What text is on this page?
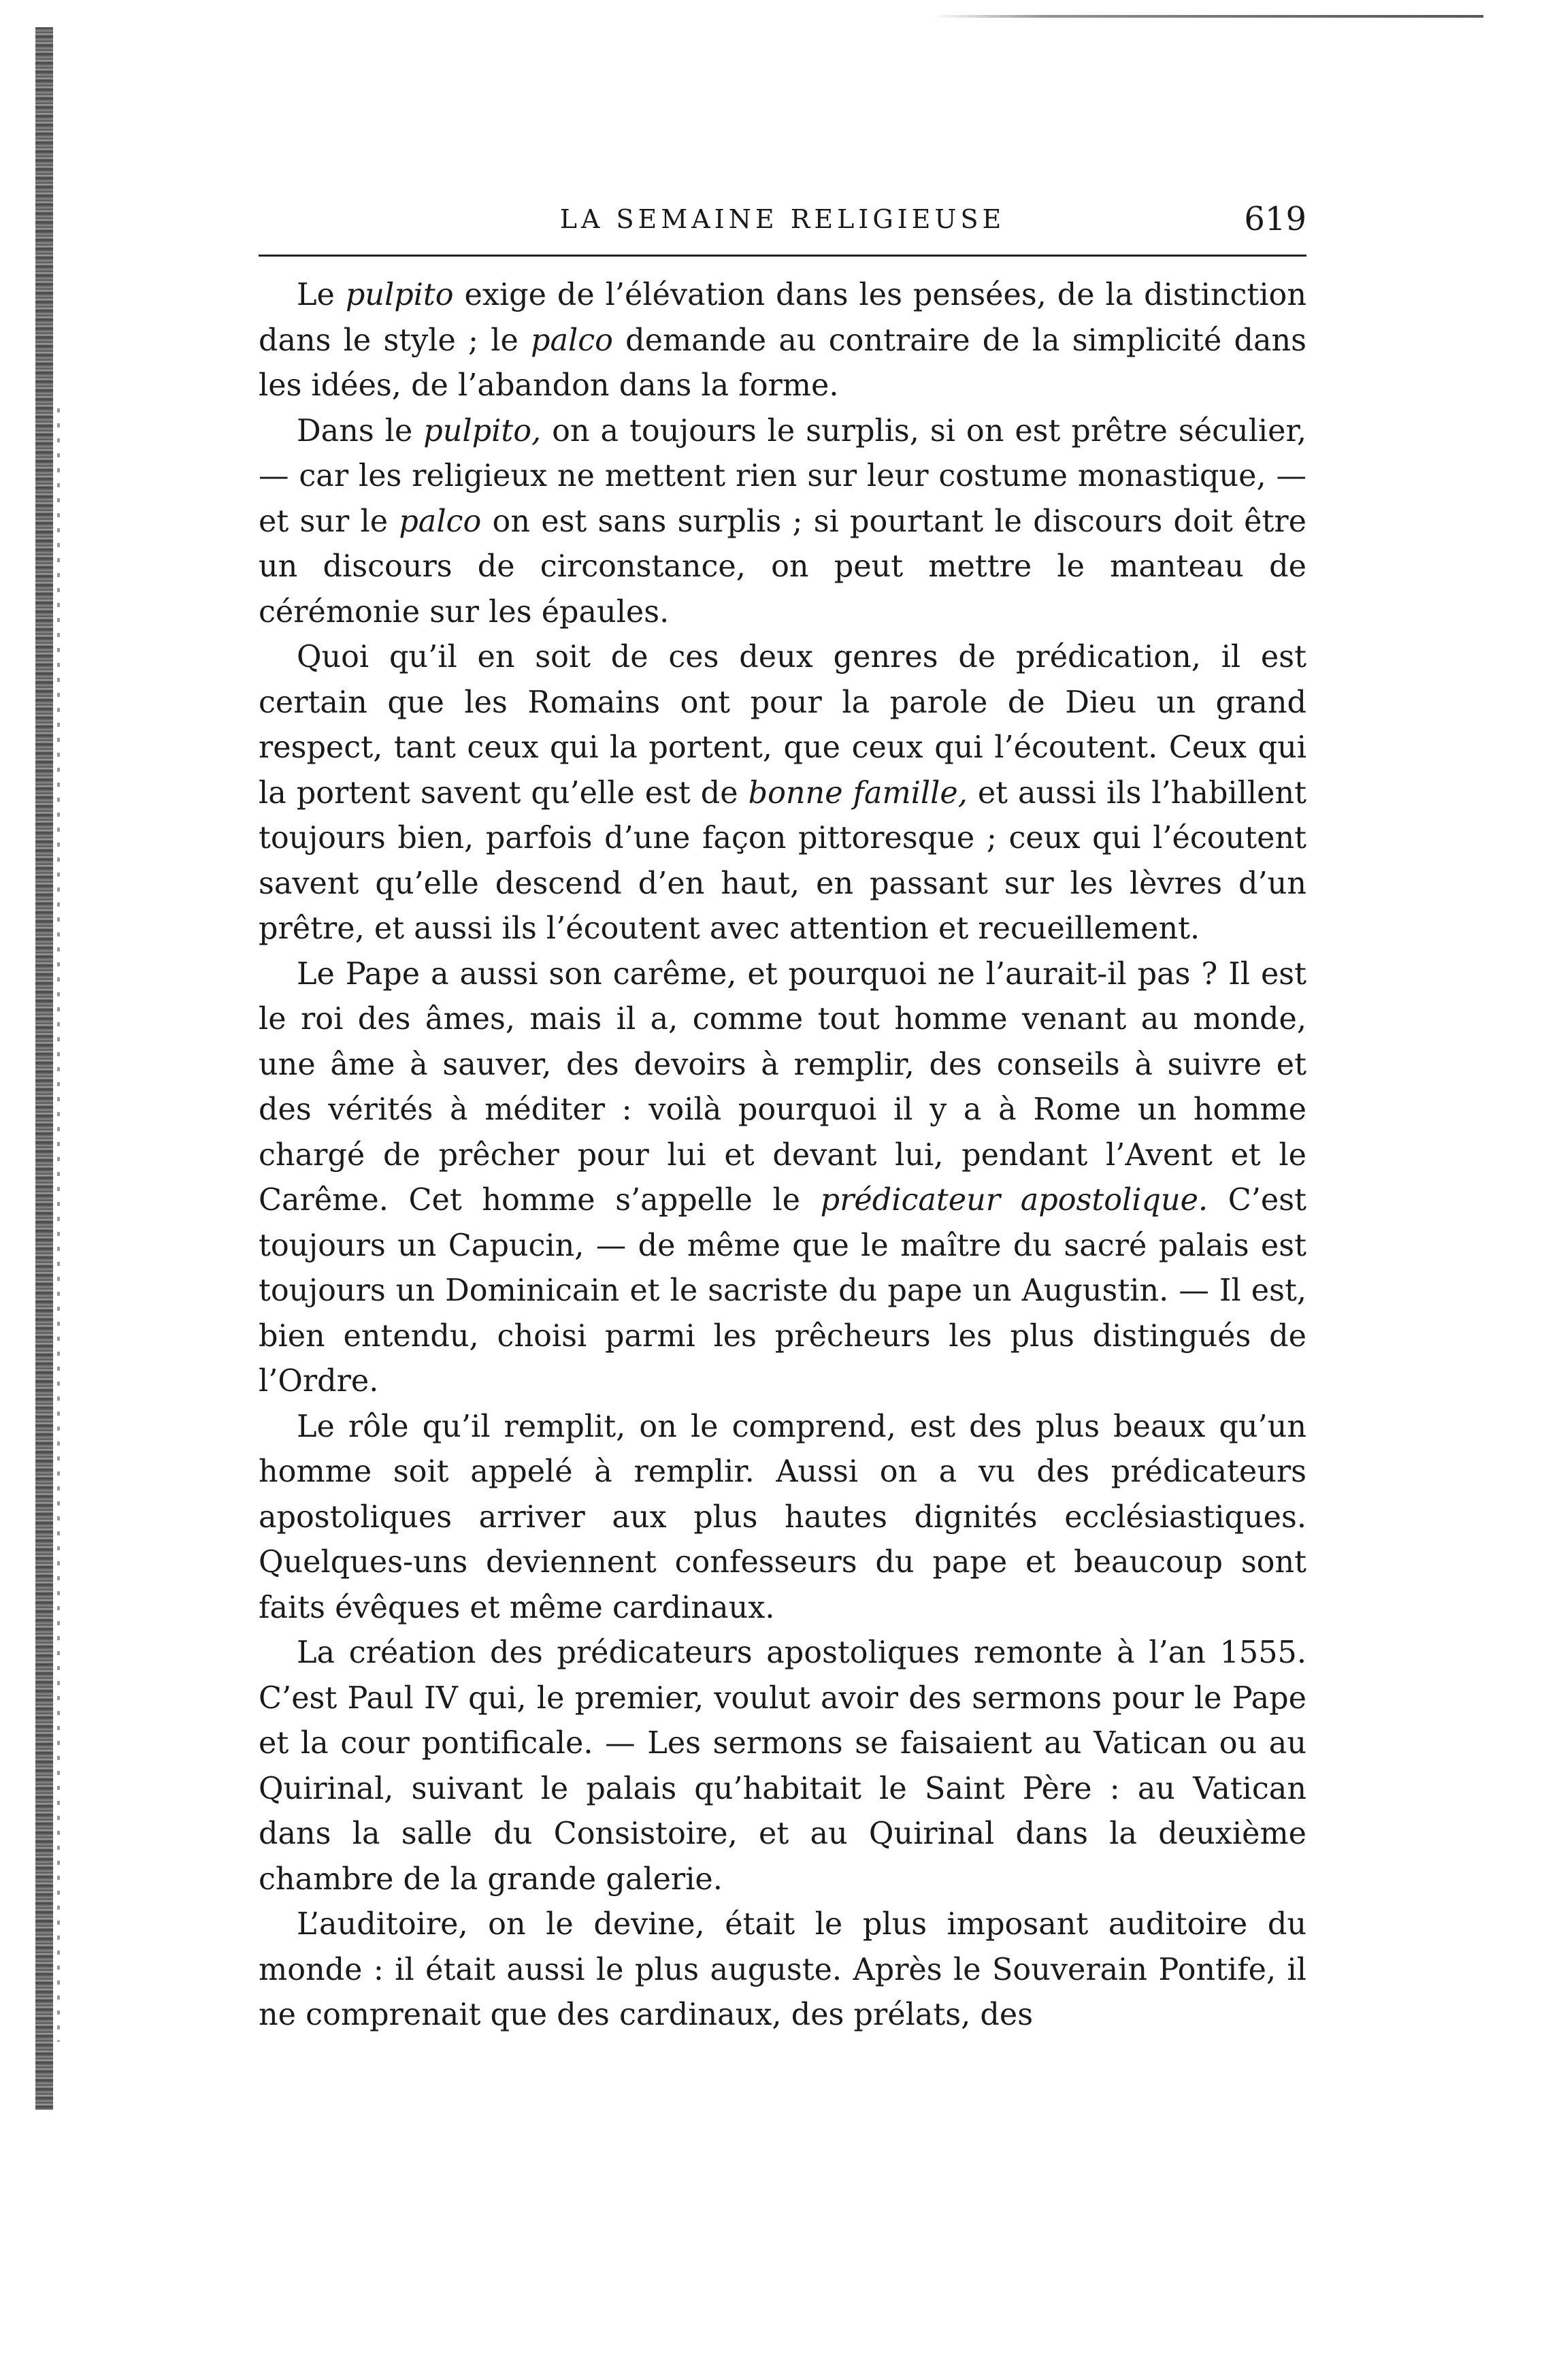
LA SEMAINE RELIGIEUSE	619

Le pulpito exige de l’élévation dans les pensées, de la distinction dans le style ; le palco demande au contraire de la simplicité dans les idées, de l’abandon dans la forme.

Dans le pulpito, on a toujours le surplis, si on est prêtre séculier, — car les religieux ne mettent rien sur leur costume monastique, — et sur le palco on est sans surplis ; si pourtant le discours doit être un discours de circonstance, on peut mettre le manteau de cérémonie sur les épaules.

Quoi qu’il en soit de ces deux genres de prédication, il est certain que les Romains ont pour la parole de Dieu un grand respect, tant ceux qui la portent, que ceux qui l’écoutent. Ceux qui la portent savent qu’elle est de bonne famille, et aussi ils l’habillent toujours bien, parfois d’une façon pittoresque ; ceux qui l’écoutent savent qu’elle descend d’en haut, en passant sur les lèvres d’un prêtre, et aussi ils l’écoutent avec attention et recueillement.

Le Pape a aussi son carême, et pourquoi ne l’aurait-il pas ? Il est le roi des âmes, mais il a, comme tout homme venant au monde, une âme à sauver, des devoirs à remplir, des conseils à suivre et des vérités à méditer : voilà pourquoi il y a à Rome un homme chargé de prêcher pour lui et devant lui, pendant l’Avent et le Carême. Cet homme s’appelle le prédicateur apostolique. C’est toujours un Capucin, — de même que le maître du sacré palais est toujours un Dominicain et le sacriste du pape un Augustin. — Il est, bien entendu, choisi parmi les prêcheurs les plus distingués de l’Ordre.

Le rôle qu’il remplit, on le comprend, est des plus beaux qu’un homme soit appelé à remplir. Aussi on a vu des prédicateurs apostoliques arriver aux plus hautes dignités ecclésiastiques. Quelques-uns deviennent confesseurs du pape et beaucoup sont faits évêques et même cardinaux.

La création des prédicateurs apostoliques remonte à l’an 1555. C’est Paul IV qui, le premier, voulut avoir des sermons pour le Pape et la cour pontificale. — Les sermons se faisaient au Vatican ou au Quirinal, suivant le palais qu’habitait le Saint Père : au Vatican dans la salle du Consistoire, et au Quirinal dans la deuxième chambre de la grande galerie.

L’auditoire, on le devine, était le plus imposant auditoire du monde : il était aussi le plus auguste. Après le Souverain Pontife, il ne comprenait que des cardinaux, des prélats, des
